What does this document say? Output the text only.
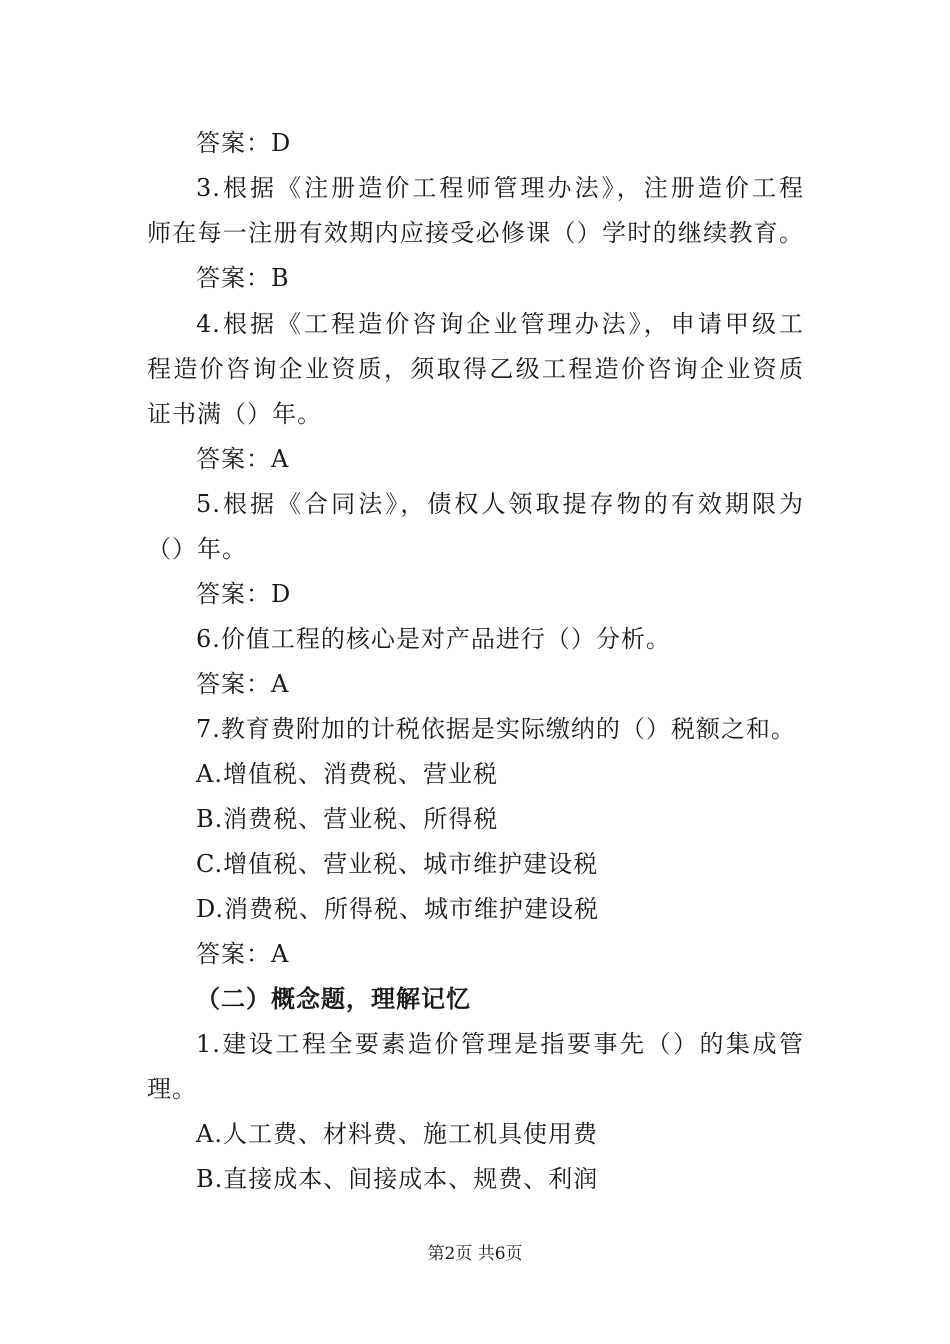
答案：D
3.根据《注册造价工程师管理办法》，注册造价工程
师在每一注册有效期内应接受必修课（）学时的继续教育。
答案：B
4.根据《工程造价咨询企业管理办法》，申请甲级工
程造价咨询企业资质，须取得乙级工程造价咨询企业资质
证书满（）年。
答案：A
5.根据《合同法》，债权人领取提存物的有效期限为
（）年。
答案：D
6.价值工程的核心是对产品进行（）分析。
答案：A
7.教育费附加的计税依据是实际缴纳的（）税额之和。
A.增值税、消费税、营业税
B.消费税、营业税、所得税
C.增值税、营业税、城市维护建设税
D.消费税、所得税、城市维护建设税
答案：A
（二）概念题，理解记忆
1.建设工程全要素造价管理是指要事先（）的集成管
理。
A.人工费、材料费、施工机具使用费
B.直接成本、间接成本、规费、利润
第2页 共6页
